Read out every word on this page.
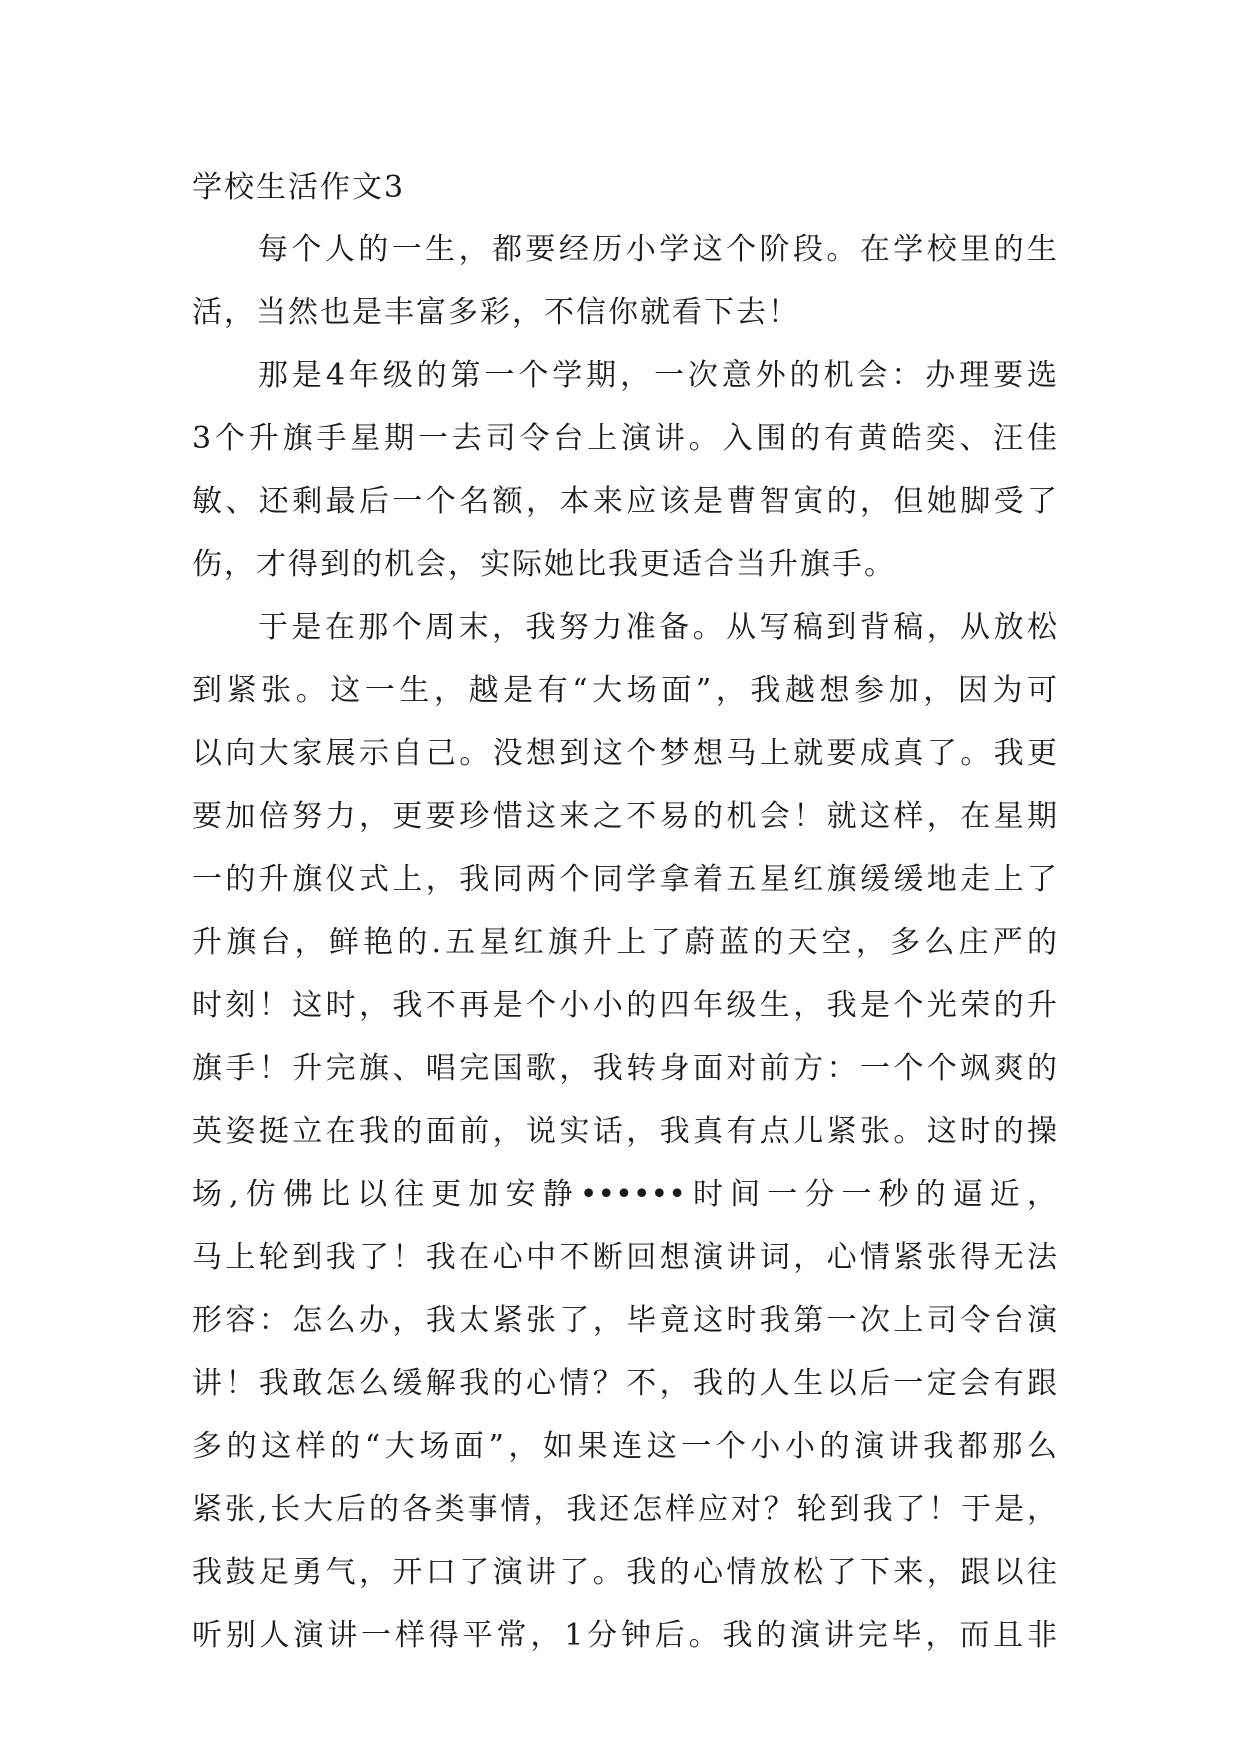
学校生活作文3
每个人的一生，都要经历小学这个阶段。在学校里的生
活，当然也是丰富多彩，不信你就看下去！
那是4年级的第一个学期，一次意外的机会：办理要选
3个升旗手星期一去司令台上演讲。入围的有黄皓奕、汪佳
敏、还剩最后一个名额，本来应该是曹智寅的，但她脚受了
伤，才得到的机会，实际她比我更适合当升旗手。
于是在那个周末，我努力准备。从写稿到背稿，从放松
到紧张。这一生，越是有“大场面”，我越想参加，因为可
以向大家展示自己。没想到这个梦想马上就要成真了。我更
要加倍努力，更要珍惜这来之不易的机会！就这样，在星期
一的升旗仪式上，我同两个同学拿着五星红旗缓缓地走上了
升旗台，鲜艳的.五星红旗升上了蔚蓝的天空，多么庄严的
时刻！这时，我不再是个小小的四年级生，我是个光荣的升
旗手！升完旗、唱完国歌，我转身面对前方：一个个飒爽的
英姿挺立在我的面前，说实话，我真有点儿紧张。这时的操
场,仿佛比以往更加安静••••••时间一分一秒的逼近，
马上轮到我了！我在心中不断回想演讲词，心情紧张得无法
形容：怎么办，我太紧张了，毕竟这时我第一次上司令台演
讲！我敢怎么缓解我的心情？不，我的人生以后一定会有跟
多的这样的“大场面”，如果连这一个小小的演讲我都那么
紧张,长大后的各类事情，我还怎样应对？轮到我了！于是，
我鼓足勇气，开口了演讲了。我的心情放松了下来，跟以往
听别人演讲一样得平常，1分钟后。我的演讲完毕，而且非
